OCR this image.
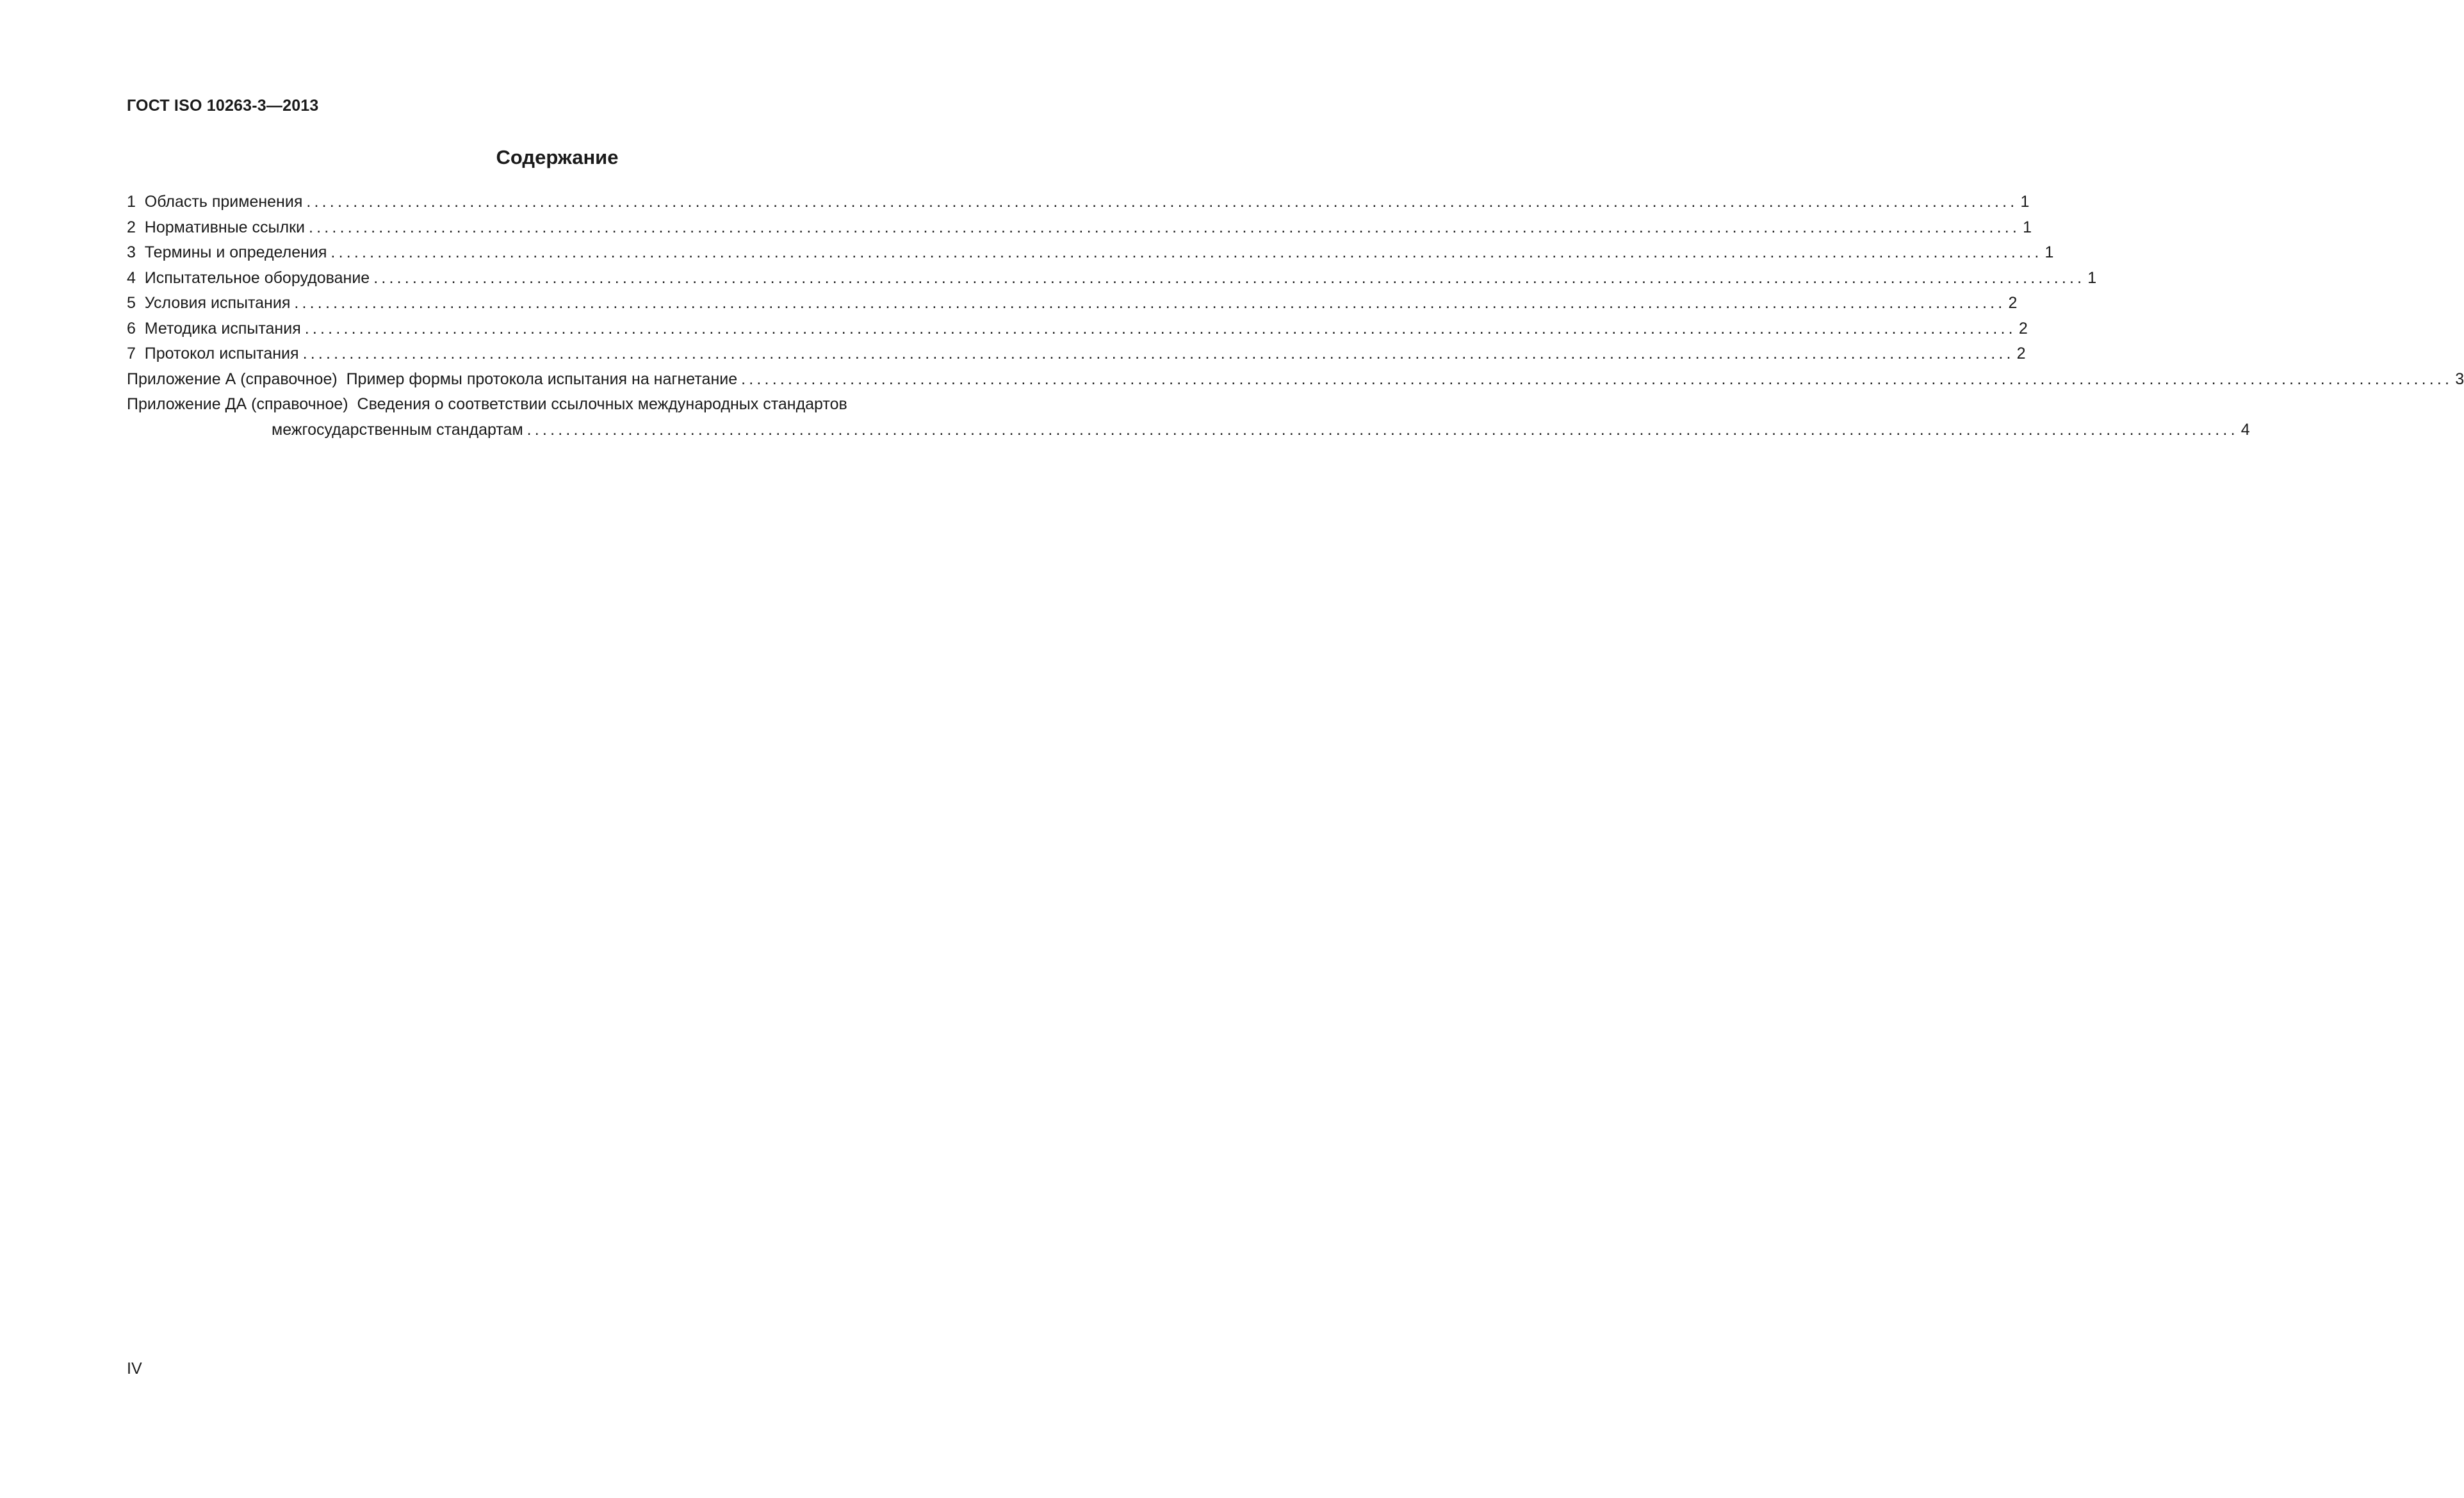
ГОСТ ISO 10263-3—2013
Содержание
1  Область применения ............................................................................................................................................................................................................................ 1
2  Нормативные ссылки ............................................................................................................................................................................................................................ 1
3  Термины и определения ............................................................................................................................................................................................................................ 1
4  Испытательное оборудование ............................................................................................................................................................................................................................ 1
5  Условия испытания ............................................................................................................................................................................................................................ 2
6  Методика испытания ............................................................................................................................................................................................................................ 2
7  Протокол испытания ............................................................................................................................................................................................................................ 2
Приложение А (справочное)  Пример формы протокола испытания на нагнетание ............................................................................................................................................................................................................................ 3
Приложение ДА (справочное)  Сведения о соответствии ссылочных международных стандартов
межгосударственным стандартам ............................................................................................................................................................................................................................ 4
IV
